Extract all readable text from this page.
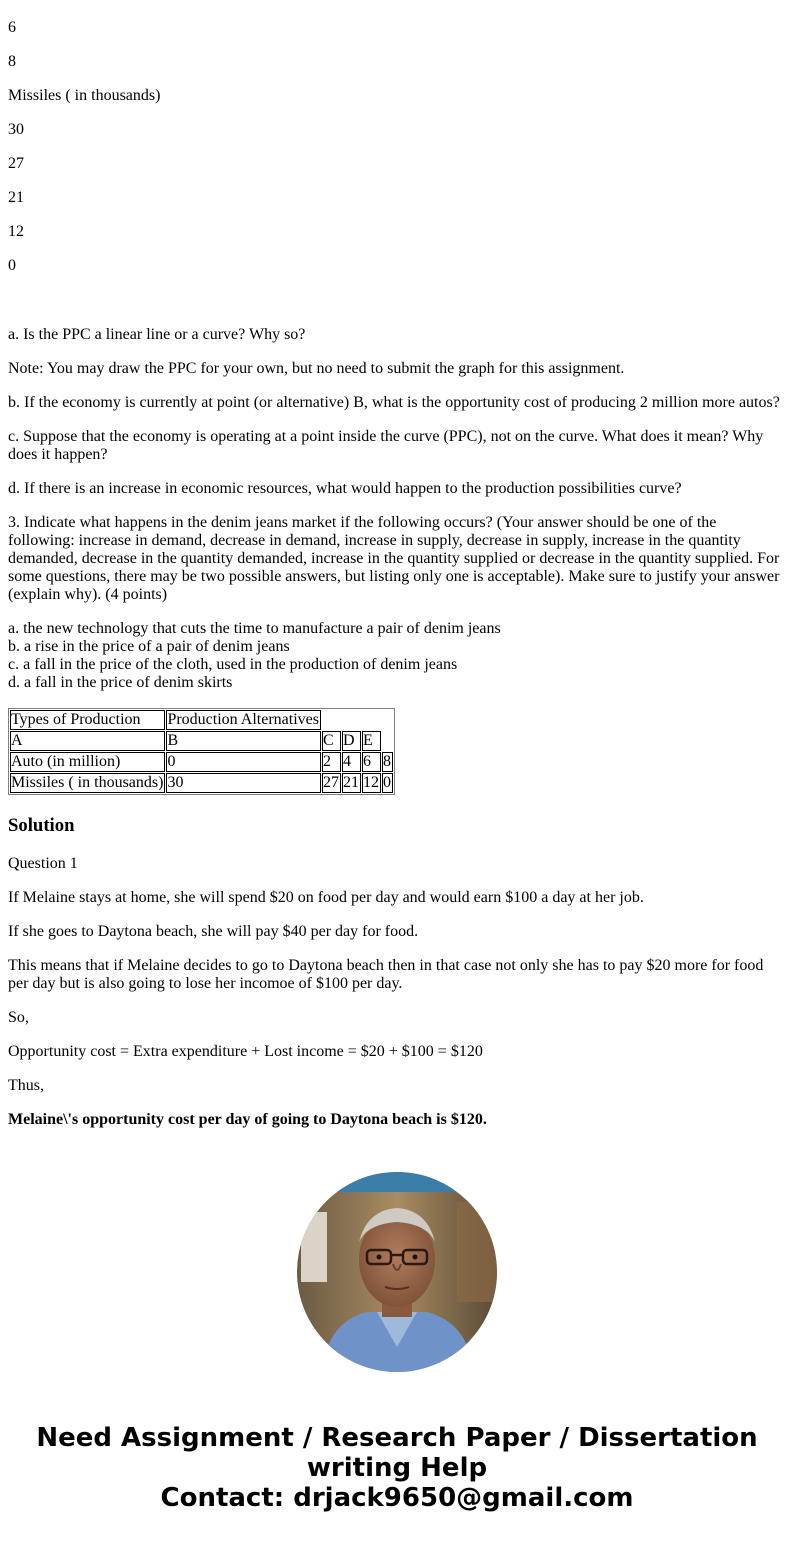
6

8

Missiles ( in thousands)

30

27

21

12

0

a. Is the PPC a linear line or a curve? Why so?

Note: You may draw the PPC for your own, but no need to submit the graph for this assignment.

b. If the economy is currently at point (or alternative) B, what is the opportunity cost of producing 2 million more autos?

c. Suppose that the economy is operating at a point inside the curve (PPC), not on the curve. What does it mean? Why does it happen?

d. If there is an increase in economic resources, what would happen to the production possibilities curve?

3. Indicate what happens in the denim jeans market if the following occurs? (Your answer should be one of the following: increase in demand, decrease in demand, increase in supply, decrease in supply, increase in the quantity demanded, decrease in the quantity demanded, increase in the quantity supplied or decrease in the quantity supplied. For some questions, there may be two possible answers, but listing only one is acceptable). Make sure to justify your answer (explain why). (4 points)

a. the new technology that cuts the time to manufacture a pair of denim jeans
b. a rise in the price of a pair of denim jeans
c. a fall in the price of the cloth, used in the production of denim jeans
d. a fall in the price of denim skirts
Types of Production	Production Alternatives				
A	B	C	D	E	
Auto (in million)	0	2	4	6	8
Missiles ( in thousands)	30	27	21	12	0
Solution

Question 1

If Melaine stays at home, she will spend $20 on food per day and would earn $100 a day at her job.

If she goes to Daytona beach, she will pay $40 per day for food.

This means that if Melaine decides to go to Daytona beach then in that case not only she has to pay $20 more for food per day but is also going to lose her incomoe of $100 per day.

So,

Opportunity cost = Extra expenditure + Lost income = $20 + $100 = $120

Thus,

Melaine\'s opportunity cost per day of going to Daytona beach is $120.

Need Assignment / Research Paper / Dissertation
writing Help
Contact: drjack9650@gmail.com
